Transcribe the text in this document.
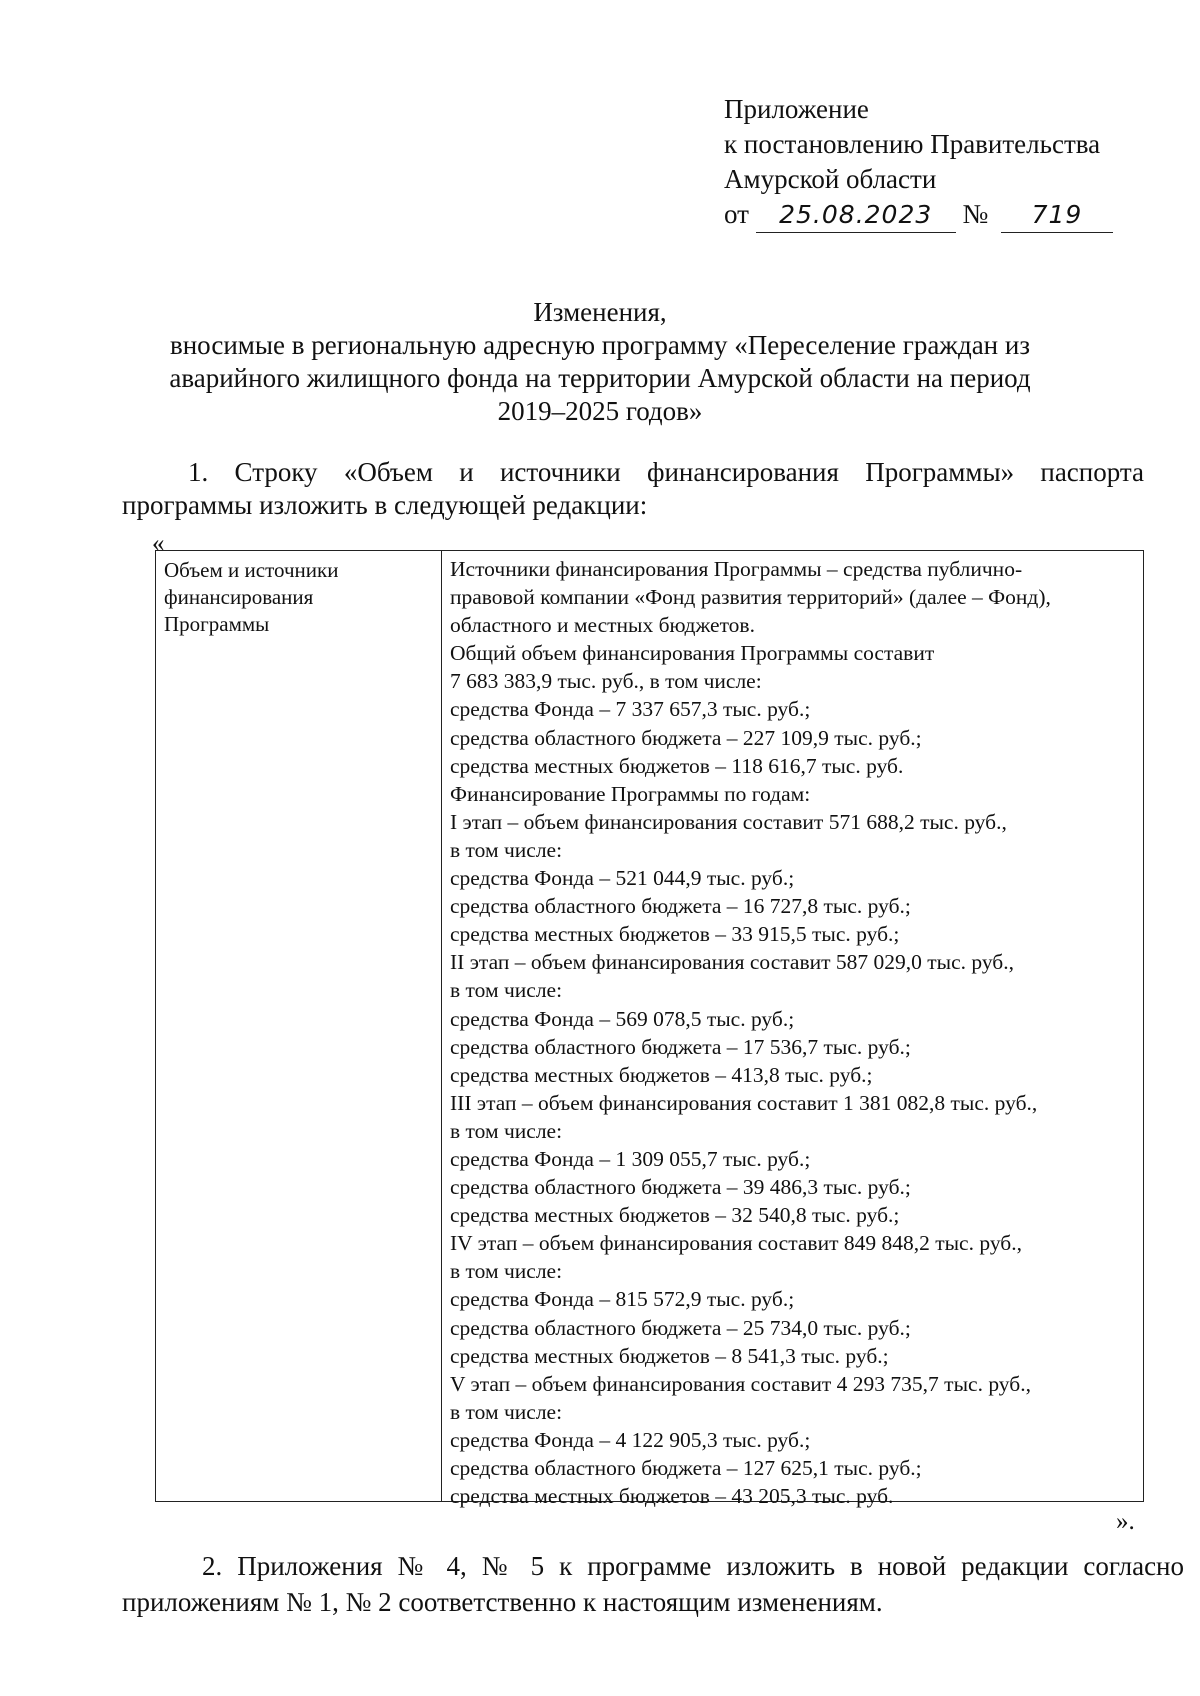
Приложение
к постановлению Правительства
Амурской области
от 25.08.2023 № 719
Изменения,
вносимые в региональную адресную программу «Переселение граждан из
аварийного жилищного фонда на территории Амурской области на период
2019–2025 годов»
1. Строку «Объем и источники финансирования Программы» паспорта
программы изложить в следующей редакции:
«
Объем и источники
финансирования
Программы
Источники финансирования Программы – средства публично-
правовой компании «Фонд развития территорий» (далее – Фонд),
областного и местных бюджетов.
Общий объем финансирования Программы составит
7 683 383,9 тыс. руб., в том числе:
средства Фонда – 7 337 657,3 тыс. руб.;
средства областного бюджета – 227 109,9 тыс. руб.;
средства местных бюджетов – 118 616,7 тыс. руб.
Финансирование Программы по годам:
I этап – объем финансирования составит 571 688,2 тыс. руб.,
в том числе:
средства Фонда – 521 044,9 тыс. руб.;
средства областного бюджета – 16 727,8 тыс. руб.;
средства местных бюджетов – 33 915,5 тыс. руб.;
II этап – объем финансирования составит 587 029,0 тыс. руб.,
в том числе:
средства Фонда – 569 078,5 тыс. руб.;
средства областного бюджета – 17 536,7 тыс. руб.;
средства местных бюджетов – 413,8 тыс. руб.;
III этап – объем финансирования составит 1 381 082,8 тыс. руб.,
в том числе:
средства Фонда – 1 309 055,7 тыс. руб.;
средства областного бюджета – 39 486,3 тыс. руб.;
средства местных бюджетов – 32 540,8 тыс. руб.;
IV этап – объем финансирования составит 849 848,2 тыс. руб.,
в том числе:
средства Фонда – 815 572,9 тыс. руб.;
средства областного бюджета – 25 734,0 тыс. руб.;
средства местных бюджетов – 8 541,3 тыс. руб.;
V этап – объем финансирования составит 4 293 735,7 тыс. руб.,
в том числе:
средства Фонда – 4 122 905,3 тыс. руб.;
средства областного бюджета – 127 625,1 тыс. руб.;
средства местных бюджетов – 43 205,3 тыс. руб.
».
2. Приложения № 4, № 5 к программе изложить в новой редакции согласно
приложениям № 1, № 2 соответственно к настоящим изменениям.
